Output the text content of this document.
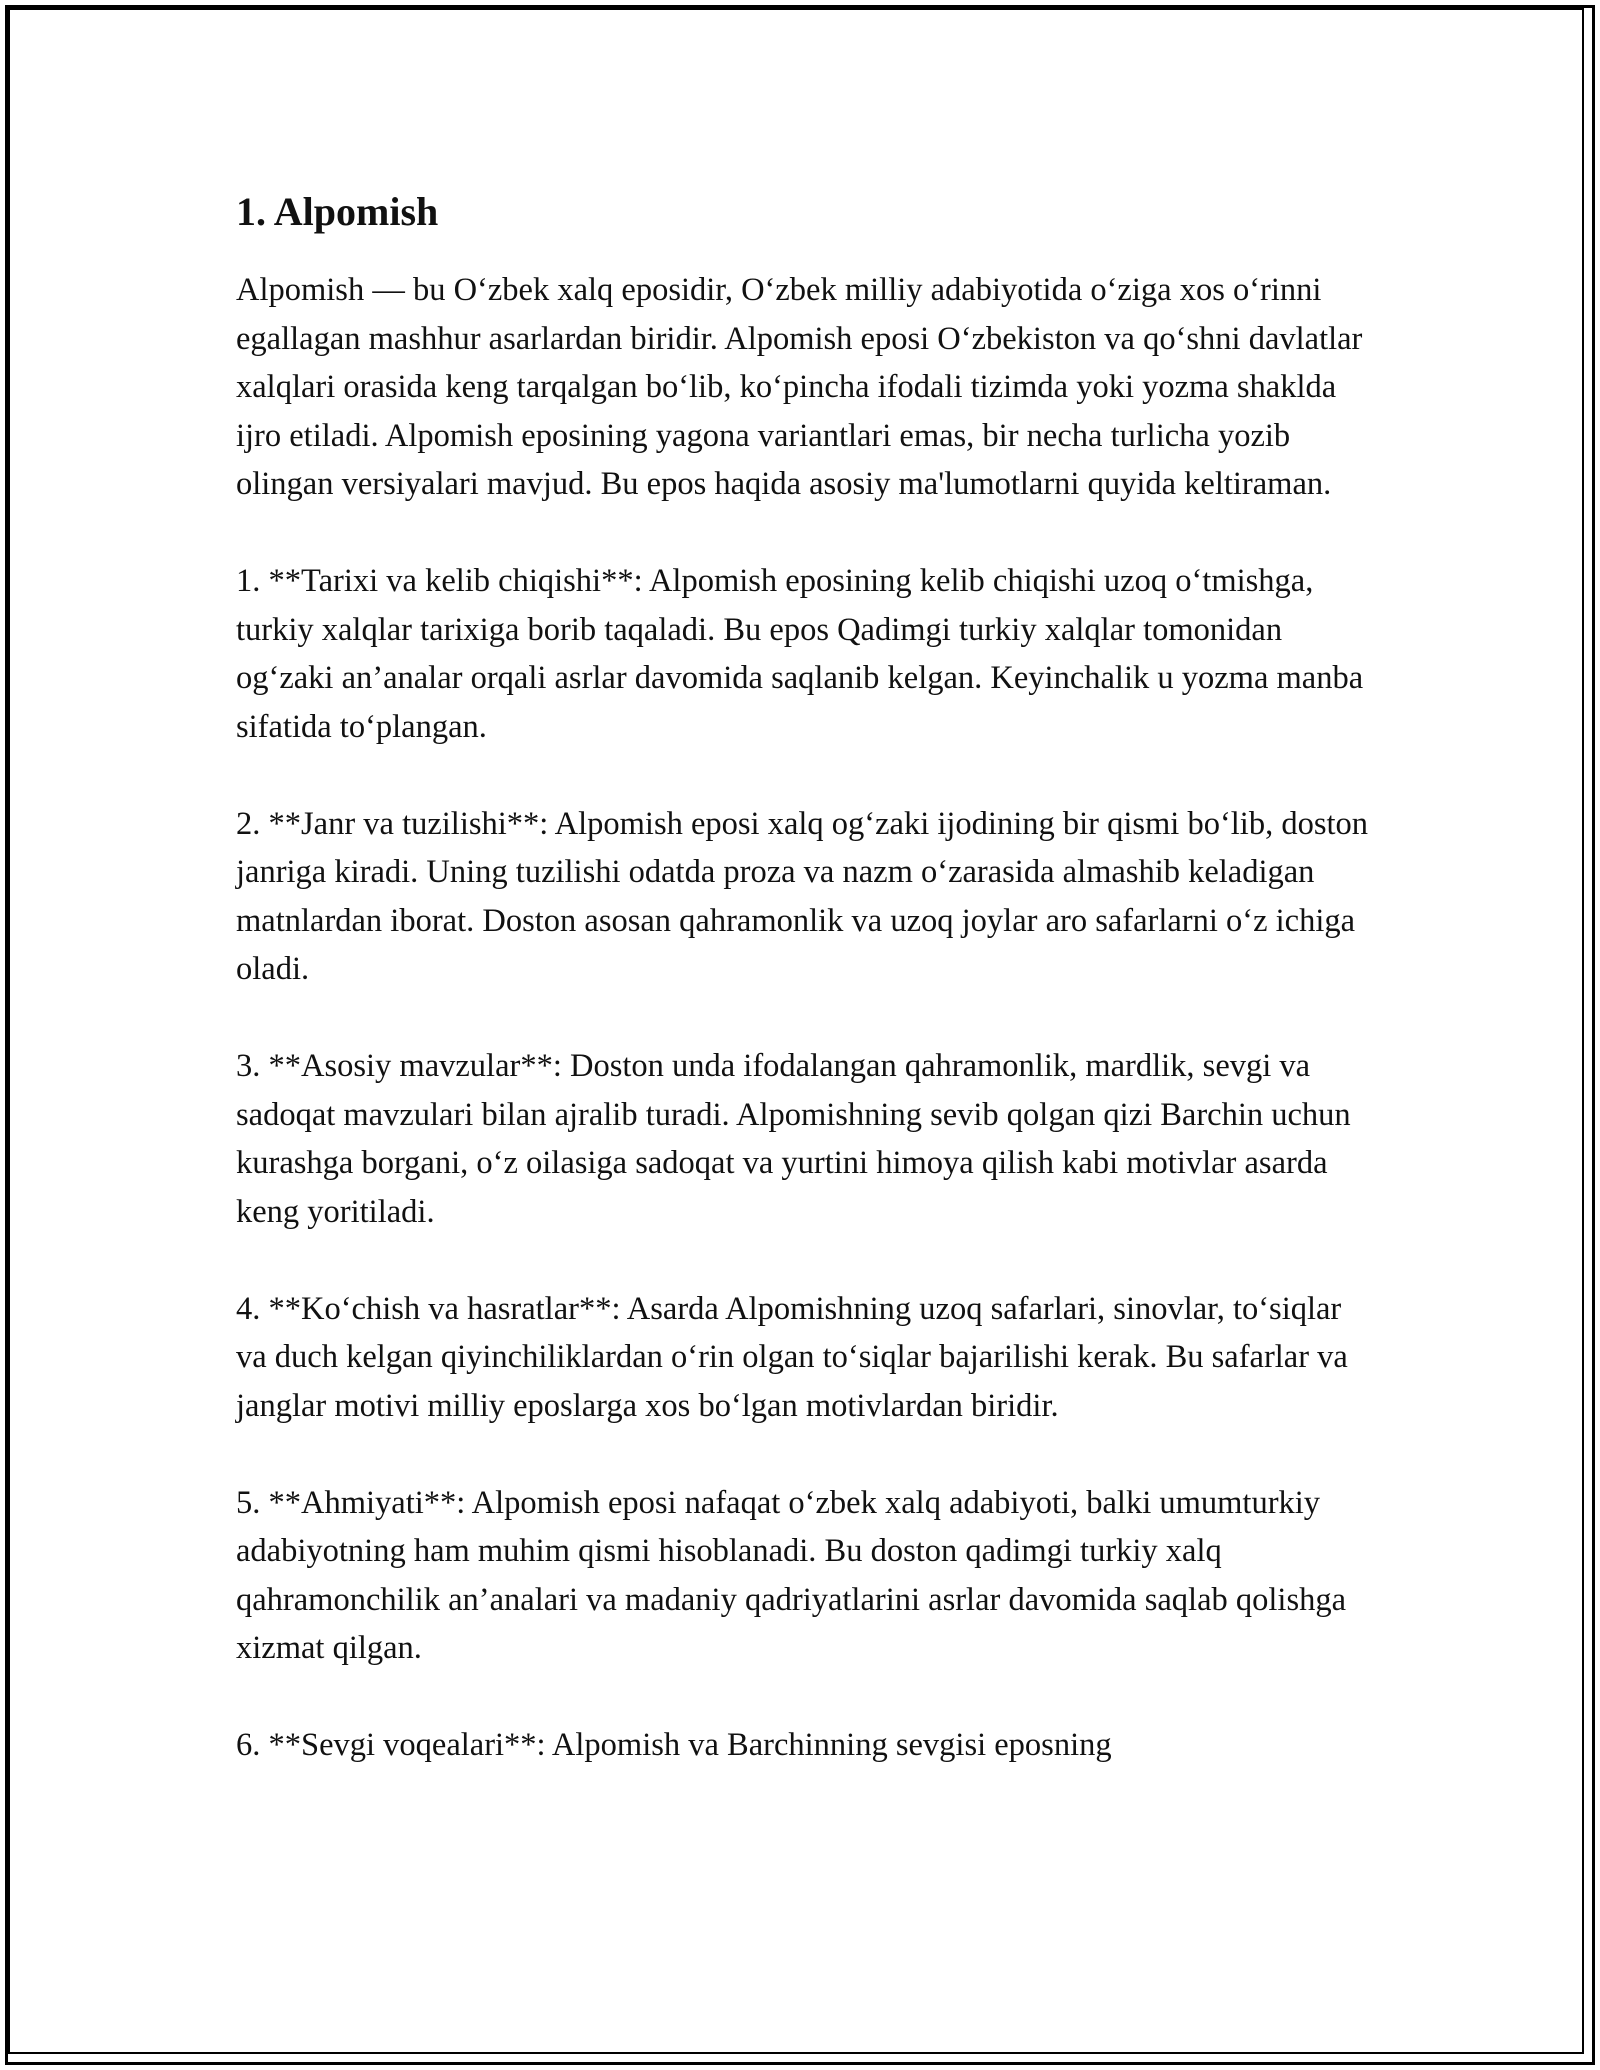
1. Alpomish

Alpomish — bu O‘zbek xalq eposidir, O‘zbek milliy adabiyotida o‘ziga xos o‘rinni egallagan mashhur asarlardan biridir. Alpomish eposi O‘zbekiston va qo‘shni davlatlar xalqlari orasida keng tarqalgan bo‘lib, ko‘pincha ifodali tizimda yoki yozma shaklda ijro etiladi. Alpomish eposining yagona variantlari emas, bir necha turlicha yozib olingan versiyalari mavjud. Bu epos haqida asosiy ma'lumotlarni quyida keltiraman.

1. **Tarixi va kelib chiqishi**: Alpomish eposining kelib chiqishi uzoq o‘tmishga, turkiy xalqlar tarixiga borib taqaladi. Bu epos Qadimgi turkiy xalqlar tomonidan og‘zaki an’analar orqali asrlar davomida saqlanib kelgan. Keyinchalik u yozma manba sifatida to‘plangan.

2. **Janr va tuzilishi**: Alpomish eposi xalq og‘zaki ijodining bir qismi bo‘lib, doston janriga kiradi. Uning tuzilishi odatda proza va nazm o‘zarasida almashib keladigan matnlardan iborat. Doston asosan qahramonlik va uzoq joylar aro safarlarni o‘z ichiga oladi.

3. **Asosiy mavzular**: Doston unda ifodalangan qahramonlik, mardlik, sevgi va sadoqat mavzulari bilan ajralib turadi. Alpomishning sevib qolgan qizi Barchin uchun kurashga borgani, o‘z oilasiga sadoqat va yurtini himoya qilish kabi motivlar asarda keng yoritiladi.

4. **Ko‘chish va hasratlar**: Asarda Alpomishning uzoq safarlari, sinovlar, to‘siqlar va duch kelgan qiyinchiliklardan o‘rin olgan to‘siqlar bajarilishi kerak. Bu safarlar va janglar motivi milliy eposlarga xos bo‘lgan motivlardan biridir.

5. **Ahmiyati**: Alpomish eposi nafaqat o‘zbek xalq adabiyoti, balki umumturkiy adabiyotning ham muhim qismi hisoblanadi. Bu doston qadimgi turkiy xalq qahramonchilik an’analari va madaniy qadriyatlarini asrlar davomida saqlab qolishga xizmat qilgan.

6. **Sevgi voqealari**: Alpomish va Barchinning sevgisi eposning
